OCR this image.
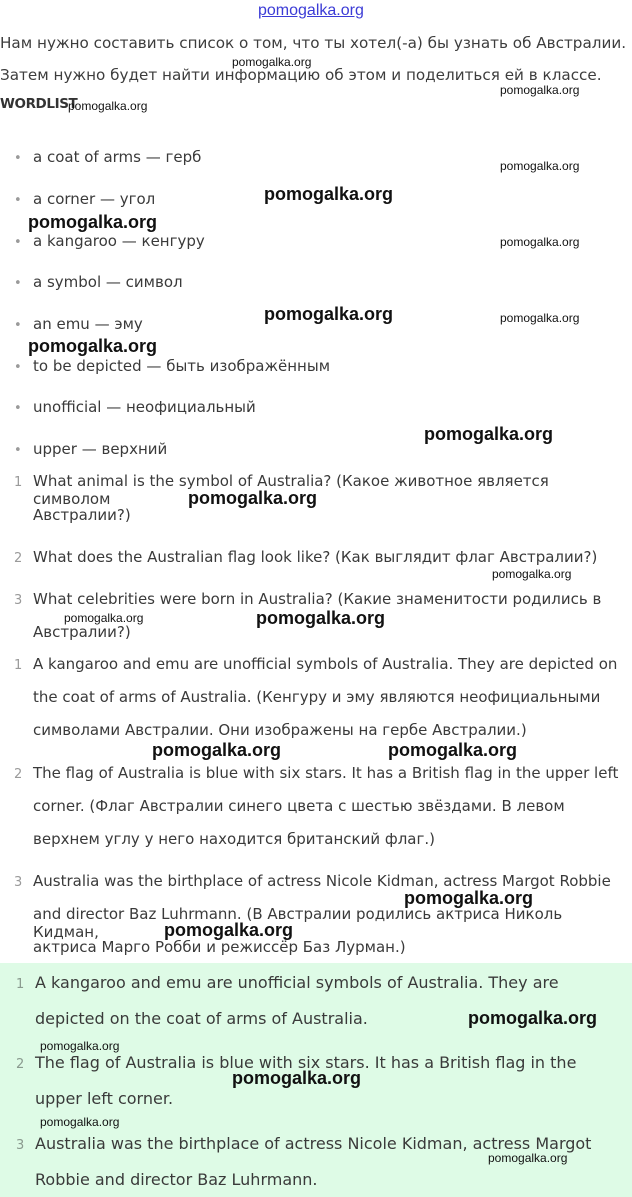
Нам нужно составить список о том, что ты хотел(-а) бы узнать об Австралии.
Затем нужно будет найти информацию об этом и поделиться ей в классе.
WORDLIST
• a coat of arms — герб
• a corner — угол
• a kangaroo — кенгуру
• a symbol — символ
• an emu — эму
• to be depicted — быть изображённым
• unofficial — неофициальный
• upper — верхний
1 What animal is the symbol of Australia? (Какое животное является символом
Австралии?)
2 What does the Australian flag look like? (Как выглядит флаг Австралии?)
3 What celebrities were born in Australia? (Какие знаменитости родились в
Австралии?)
1 A kangaroo and emu are unofficial symbols of Australia. They are depicted on
the coat of arms of Australia. (Кенгуру и эму являются неофициальными
символами Австралии. Они изображены на гербе Австралии.)
2 The flag of Australia is blue with six stars. It has a British flag in the upper left
corner. (Флаг Австралии синего цвета с шестью звёздами. В левом
верхнем углу у него находится британский флаг.)
3 Australia was the birthplace of actress Nicole Kidman, actress Margot Robbie
and director Baz Luhrmann. (В Австралии родились актриса Николь Кидман,
актриса Марго Робби и режиссёр Баз Лурман.)
1 A kangaroo and emu are unofficial symbols of Australia. They are
depicted on the coat of arms of Australia.
2 The flag of Australia is blue with six stars. It has a British flag in the
upper left corner.
3 Australia was the birthplace of actress Nicole Kidman, actress Margot
Robbie and director Baz Luhrmann.
pomogalka.org
pomogalka.org
pomogalka.org
pomogalka.org
pomogalka.org
pomogalka.org
pomogalka.org
pomogalka.org
pomogalka.org	pomogalka.org
pomogalka.org
pomogalka.org
pomogalka.org
pomogalka.org
pomogalka.org	pomogalka.org
pomogalka.org	pomogalka.org
pomogalka.org
pomogalka.org
pomogalka.org
pomogalka.org
pomogalka.org
pomogalka.org
pomogalka.org
